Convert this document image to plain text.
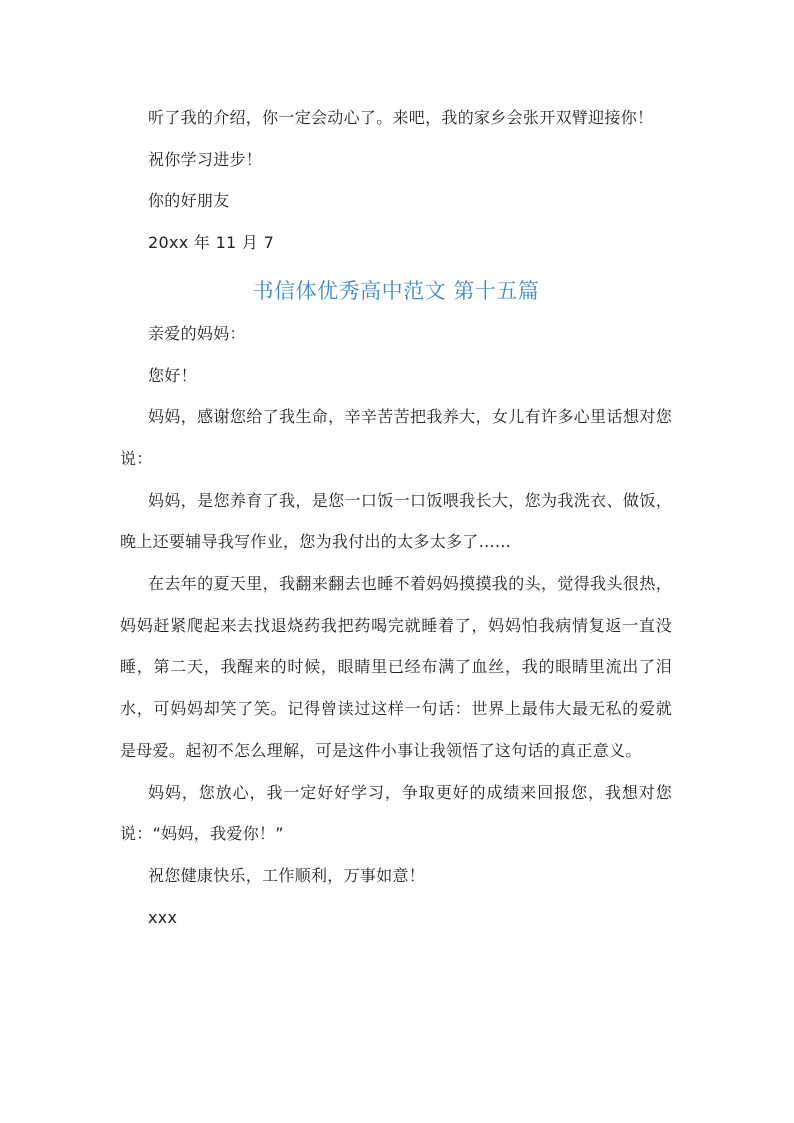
听了我的介绍，你一定会动心了。来吧，我的家乡会张开双臂迎接你！

祝你学习进步！

你的好朋友

20xx 年 11 月 7

书信体优秀高中范文 第十五篇

亲爱的妈妈：

您好！

妈妈，感谢您给了我生命，辛辛苦苦把我养大，女儿有许多心里话想对您说：

妈妈，是您养育了我，是您一口饭一口饭喂我长大，您为我洗衣、做饭，晚上还要辅导我写作业，您为我付出的太多太多了……

在去年的夏天里，我翻来翻去也睡不着妈妈摸摸我的头，觉得我头很热，妈妈赶紧爬起来去找退烧药我把药喝完就睡着了，妈妈怕我病情复返一直没睡，第二天，我醒来的时候，眼睛里已经布满了血丝，我的眼睛里流出了泪水，可妈妈却笑了笑。记得曾读过这样一句话：世界上最伟大最无私的爱就是母爱。起初不怎么理解，可是这件小事让我领悟了这句话的真正意义。

妈妈，您放心，我一定好好学习，争取更好的成绩来回报您，我想对您说：“妈妈，我爱你！”

祝您健康快乐，工作顺利，万事如意！

xxx
